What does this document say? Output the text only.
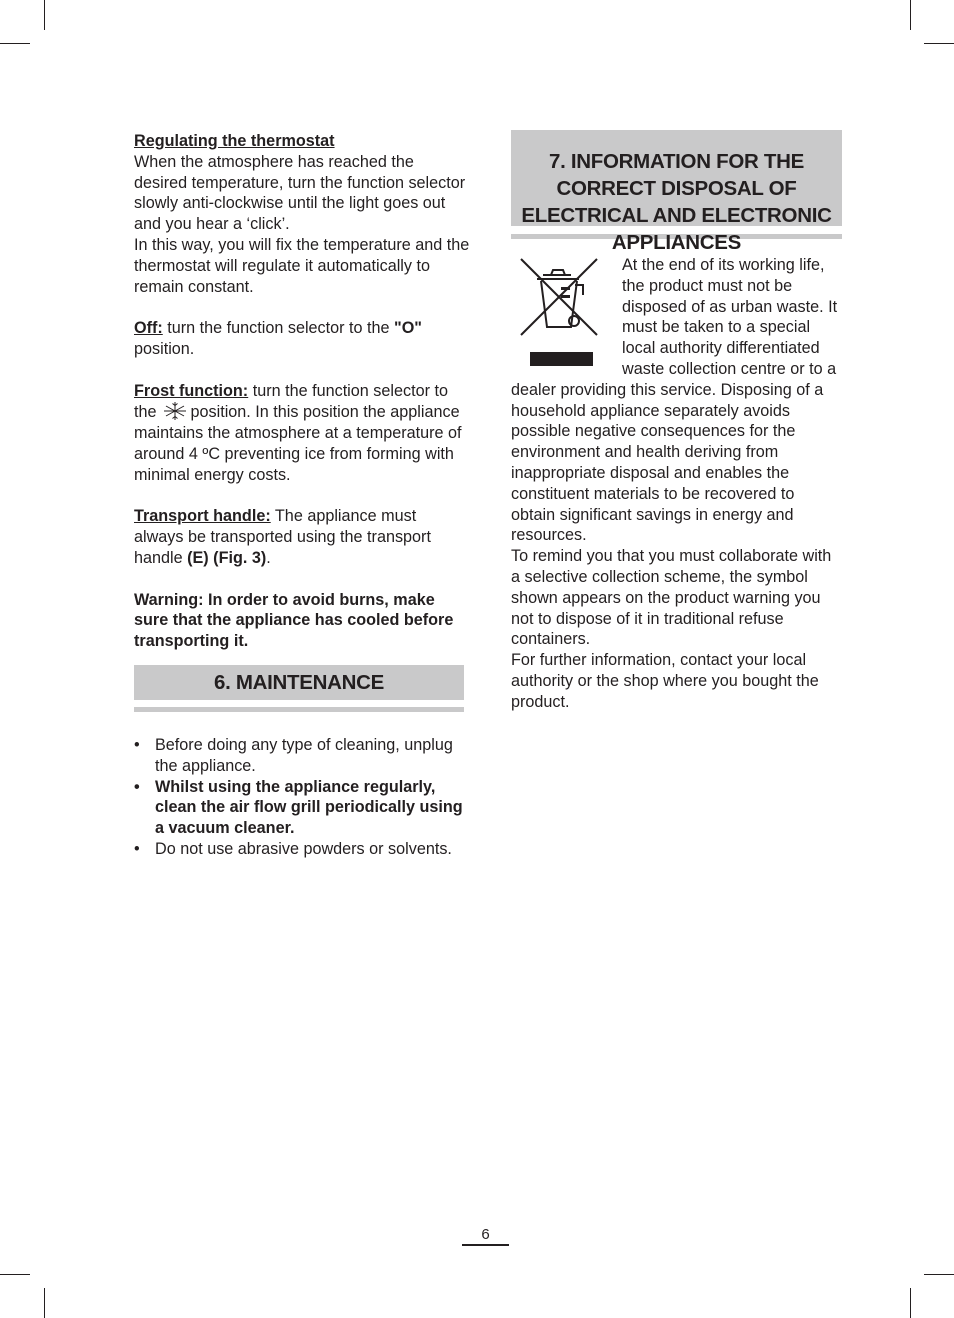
Regulating the thermostat

When the atmosphere has reached the desired temperature, turn the function selector slowly anti-clockwise until the light goes out and you hear a ‘click’.

In this way, you will fix the temperature and the thermostat will regulate it automatically to remain constant.

Off: turn the function selector to the "O"
position.

Frost function: turn the function selector to the position. In this position the appliance maintains the atmosphere at a temperature of around 4 ºC preventing ice from forming with minimal energy costs.

Transport handle: The appliance must always be transported using the transport handle (E) (Fig. 3).

Warning: In order to avoid burns, make sure that the appliance has cooled before transporting it.

6. MAINTENANCE
• Before doing any type of cleaning, unplug the appliance.
• Whilst using the appliance regularly, clean the air flow grill periodically using a vacuum cleaner.
• Do not use abrasive powders or solvents.
7. INFORMATION FOR THE CORRECT DISPOSAL OF ELECTRICAL AND ELECTRONIC APPLIANCES

At the end of its working life, the product must not be disposed of as urban waste. It must be taken to a special local authority differentiated waste collection centre or to a dealer providing this service. Disposing of a household appliance separately avoids possible negative consequences for the environment and health deriving from inappropriate disposal and enables the constituent materials to be recovered to obtain significant savings in energy and resources.

To remind you that you must collaborate with a selective collection scheme, the symbol shown appears on the product warning you not to dispose of it in traditional refuse containers.

For further information, contact your local authority or the shop where you bought the product.

6
